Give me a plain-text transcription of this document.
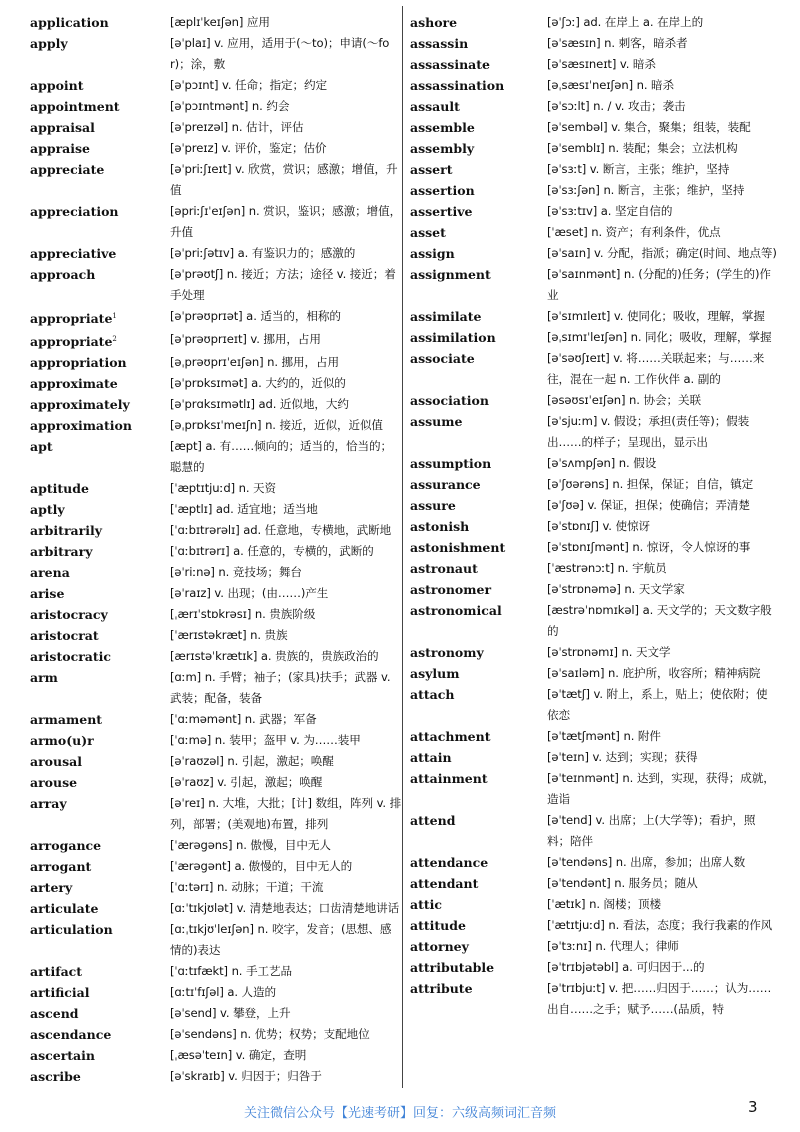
application	[æplɪˈkeɪʃən] 应用
apply	[əˈplaɪ] v. 应用，适用于(～to)；申请(～for)；涂，敷
appoint	[əˈpɔɪnt] v. 任命；指定；约定
appointment	[əˈpɔɪntmənt] n. 约会
appraisal	[əˈpreɪzəl] n. 估计，评估
appraise	[əˈpreɪz] v. 评价，鉴定；估价
appreciate	[əˈpriːʃɪeɪt] v. 欣赏，赏识；感激；增值，升值
appreciation	[əpriːʃɪˈeɪʃən] n. 赏识，鉴识；感激；增值，升值
appreciative	[əˈpriːʃətɪv] a. 有鉴识力的；感激的
approach	[əˈprəʊtʃ] n. 接近；方法；途径 v. 接近；着手处理
appropriate$^1$	[əˈprəʊprɪət] a. 适当的，相称的
appropriate$^2$	[əˈprəʊprɪeɪt] v. 挪用，占用
appropriation	[əˌprəʊprɪˈeɪʃən] n. 挪用，占用
approximate	[əˈprɒksɪmət] a. 大约的，近似的
approximately	[əˈprɑksɪmətlɪ] ad. 近似地，大约
approximation	[əˌprɒksɪˈmeɪʃn] n. 接近，近似，近似值
apt	[æpt] a. 有……倾向的；适当的，恰当的；聪慧的
aptitude	[ˈæptɪtjuːd] n. 天资
aptly	[ˈæptlɪ] ad. 适宜地；适当地
arbitrarily	[ˈɑːbɪtrərəlɪ] ad. 任意地，专横地，武断地
arbitrary	[ˈɑːbɪtrərɪ] a. 任意的，专横的，武断的
arena	[əˈriːnə] n. 竞技场；舞台
arise	[əˈraɪz] v. 出现；(由……)产生
aristocracy	[ˌærɪˈstɒkrəsɪ] n. 贵族阶级
aristocrat	[ˈærɪstəkræt] n. 贵族
aristocratic	[ærɪstəˈkrætɪk] a. 贵族的，贵族政治的
arm	[ɑːm] n. 手臂；袖子；(家具)扶手；武器 v. 武装；配备，装备
armament	[ˈɑːməmənt] n. 武器；军备
armo(u)r	[ˈɑːmə] n. 装甲；盔甲 v. 为……装甲
arousal	[əˈraʊzəl] n. 引起，激起；唤醒
arouse	[əˈraʊz] v. 引起，激起；唤醒
array	[əˈreɪ] n. 大堆，大批；[计] 数组，阵列 v. 排列，部署；(美观地)布置，排列
arrogance	[ˈærəgəns] n. 傲慢，目中无人
arrogant	[ˈærəgənt] a. 傲慢的，目中无人的
artery	[ˈɑːtərɪ] n. 动脉；干道；干流
articulate	[ɑːˈtɪkjʊlət] v. 清楚地表达；口齿清楚地讲话
articulation	[ɑːˌtɪkjʊˈleɪʃən] n. 咬字，发音；(思想、感情的)表达
artifact	[ˈɑːtɪfækt] n. 手工艺品
artificial	[ɑːtɪˈfɪʃəl] a. 人造的
ascend	[əˈsend] v. 攀登，上升
ascendance	[əˈsendəns] n. 优势；权势；支配地位
ascertain	[ˌæsəˈteɪn] v. 确定，查明
ascribe	[əˈskraɪb] v. 归因于；归咎于
ashore	[əˈʃɔː] ad. 在岸上 a. 在岸上的
assassin	[əˈsæsɪn] n. 刺客，暗杀者
assassinate	[əˈsæsɪneɪt] v. 暗杀
assassination	[əˌsæsɪˈneɪʃən] n. 暗杀
assault	[əˈsɔːlt] n. / v. 攻击；袭击
assemble	[əˈsembəl] v. 集合，聚集；组装，装配
assembly	[əˈsemblɪ] n. 装配；集会；立法机构
assert	[əˈsɜːt] v. 断言，主张；维护，坚持
assertion	[əˈsɜːʃən] n. 断言，主张；维护，坚持
assertive	[əˈsɜːtɪv] a. 坚定自信的
asset	[ˈæset] n. 资产；有利条件，优点
assign	[əˈsaɪn] v. 分配，指派；确定(时间、地点等)
assignment	[əˈsaɪnmənt] n. (分配的)任务；(学生的)作业
assimilate	[əˈsɪmɪleɪt] v. 使同化；吸收，理解，掌握
assimilation	[əˌsɪmɪˈleɪʃən] n. 同化；吸收，理解，掌握
associate	[əˈsəʊʃɪeɪt] v. 将……关联起来；与……来往，混在一起 n. 工作伙伴 a. 副的
association	[əsəʊsɪˈeɪʃən] n. 协会；关联
assume	[əˈsjuːm] v. 假设；承担(责任等)；假装出……的样子；呈现出，显示出
assumption	[əˈsʌmpʃən] n. 假设
assurance	[əˈʃʊərəns] n. 担保，保证；自信，镇定
assure	[əˈʃʊə] v. 保证，担保；使确信；弄清楚
astonish	[əˈstɒnɪʃ] v. 使惊讶
astonishment	[əˈstɒnɪʃmənt] n. 惊讶，令人惊讶的事
astronaut	[ˈæstrənɔːt] n. 宇航员
astronomer	[əˈstrɒnəmə] n. 天文学家
astronomical	[æstrəˈnɒmɪkəl] a. 天文学的；天文数字般的
astronomy	[əˈstrɒnəmɪ] n. 天文学
asylum	[əˈsaɪləm] n. 庇护所，收容所；精神病院
attach	[əˈtætʃ] v. 附上，系上，贴上；使依附；使依恋
attachment	[əˈtætʃmənt] n. 附件
attain	[əˈteɪn] v. 达到；实现；获得
attainment	[əˈteɪnmənt] n. 达到，实现，获得；成就，造诣
attend	[əˈtend] v. 出席；上(大学等)；看护，照料；陪伴
attendance	[əˈtendəns] n. 出席，参加；出席人数
attendant	[əˈtendənt] n. 服务员；随从
attic	[ˈætɪk] n. 阁楼；顶楼
attitude	[ˈætɪtjuːd] n. 看法，态度；我行我素的作风
attorney	[əˈtɜːnɪ] n. 代理人；律师
attributable	[əˈtrɪbjətəbl] a. 可归因于...的
attribute	[əˈtrɪbjuːt] v. 把……归因于……；认为……出自……之手；赋予……(品质，特
关注微信公众号【光速考研】回复：六级高频词汇音频	3
